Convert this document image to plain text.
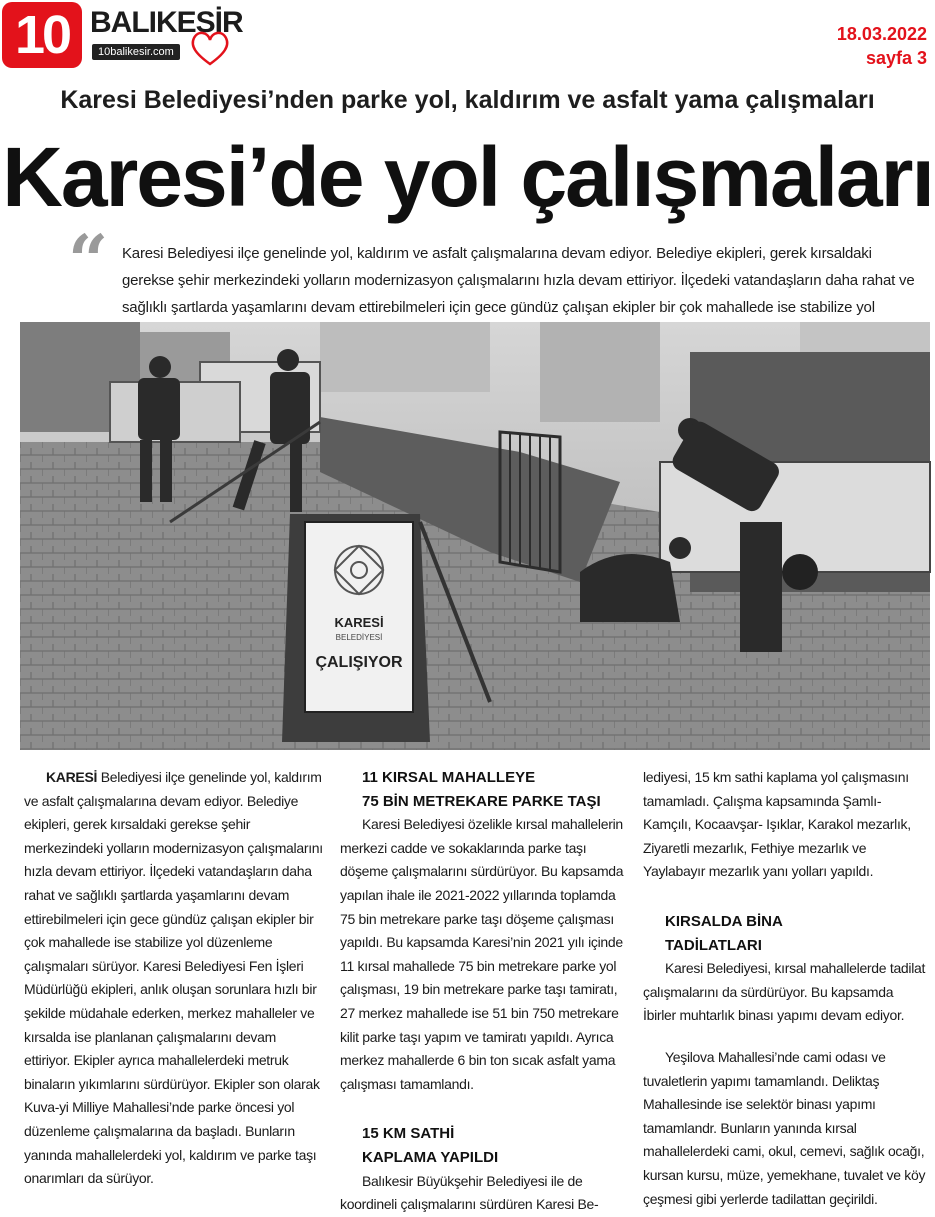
10 BALIKESİR
10balikesir.com
18.03.2022
sayfa 3
Karesi Belediyesi’nden parke yol, kaldırım ve asfalt yama çalışmaları
Karesi’de yol çalışmaları
“ Karesi Belediyesi ilçe genelinde yol, kaldırım ve asfalt çalışmalarına devam ediyor. Belediye ekipleri, gerek kırsaldaki gerekse şehir merkezindeki yolların modernizasyon çalışmalarını hızla devam ettiriyor. İlçedeki vatandaşların daha rahat ve sağlıklı şartlarda yaşamlarını devam ettirebilmeleri için gece gündüz çalışan ekipler bir çok mahallede ise stabilize yol

KARESİ
BELEDİYESİ
ÇALIŞIYOR

KARESİ Belediyesi ilçe genelinde yol, kaldırım ve asfalt çalışmalarına devam ediyor. Belediye ekipleri, gerek kırsaldaki gerekse şehir merkezindeki yolların modernizasyon çalışmalarını hızla devam ettiriyor. İlçedeki vatandaşların daha rahat ve sağlıklı şartlarda yaşamlarını devam ettirebilmeleri için gece gündüz çalışan ekipler bir çok mahallede ise stabilize yol düzenleme çalışmaları sürüyor. Karesi Belediyesi Fen İşleri Müdürlüğü ekipleri, anlık oluşan sorunlara hızlı bir şekilde müdahale ederken, merkez mahalleler ve kırsalda ise planlanan çalışmalarını devam ettiriyor. Ekipler ayrıca mahallelerdeki metruk binaların yıkımlarını sürdürüyor. Ekipler son olarak Kuva-yi Milliye Mahallesi’nde parke öncesi yol düzenleme çalışmalarına da başladı. Bunların yanında mahallelerdeki yol, kaldırım ve parke taşı onarımları da sürüyor.

11 KIRSAL MAHALLEYE
75 BİN METREKARE PARKE TAŞI

Karesi Belediyesi özelikle kırsal mahallelerin merkezi cadde ve sokaklarında parke taşı döşeme çalışmalarını sürdürüyor. Bu kapsamda yapılan ihale ile 2021-2022 yıllarında toplamda 75 bin metrekare parke taşı döşeme çalışması yapıldı. Bu kapsamda Karesi’nin 2021 yılı içinde 11 kırsal mahallede 75 bin metrekare parke yol çalışması, 19 bin metrekare parke taşı tamiratı, 27 merkez mahallede ise 51 bin 750 metrekare kilit parke taşı yapım ve tamiratı yapıldı. Ayrıca merkez mahallerde 6 bin ton sıcak asfalt yama çalışması tamamlandı.

15 KM SATHİ
KAPLAMA YAPILDI

Balıkesir Büyükşehir Belediyesi ile de koordineli çalışmalarını sürdüren Karesi Be-

lediyesi, 15 km sathi kaplama yol çalışmasını tamamladı. Çalışma kapsamında Şamlı-Kamçılı, Kocaavşar- Işıklar, Karakol mezarlık, Ziyaretli mezarlık, Fethiye mezarlık ve Yaylabayır mezarlık yanı yolları yapıldı.

KIRSALDA BİNA
TADİLATLARI

Karesi Belediyesi, kırsal mahallelerde tadilat çalışmalarını da sürdürüyor. Bu kapsamda İbirler muhtarlık binası yapımı devam ediyor.

Yeşilova Mahallesi’nde cami odası ve tuvaletlerin yapımı tamamlandı. Deliktaş Mahallesinde ise selektör binası yapımı tamamlandr. Bunların yanında kırsal mahallelerdeki cami, okul, cemevi, sağlık ocağı, kursan kursu, müze, yemekhane, tuvalet ve köy çeşmesi gibi yerlerde tadilattan geçirildi.
